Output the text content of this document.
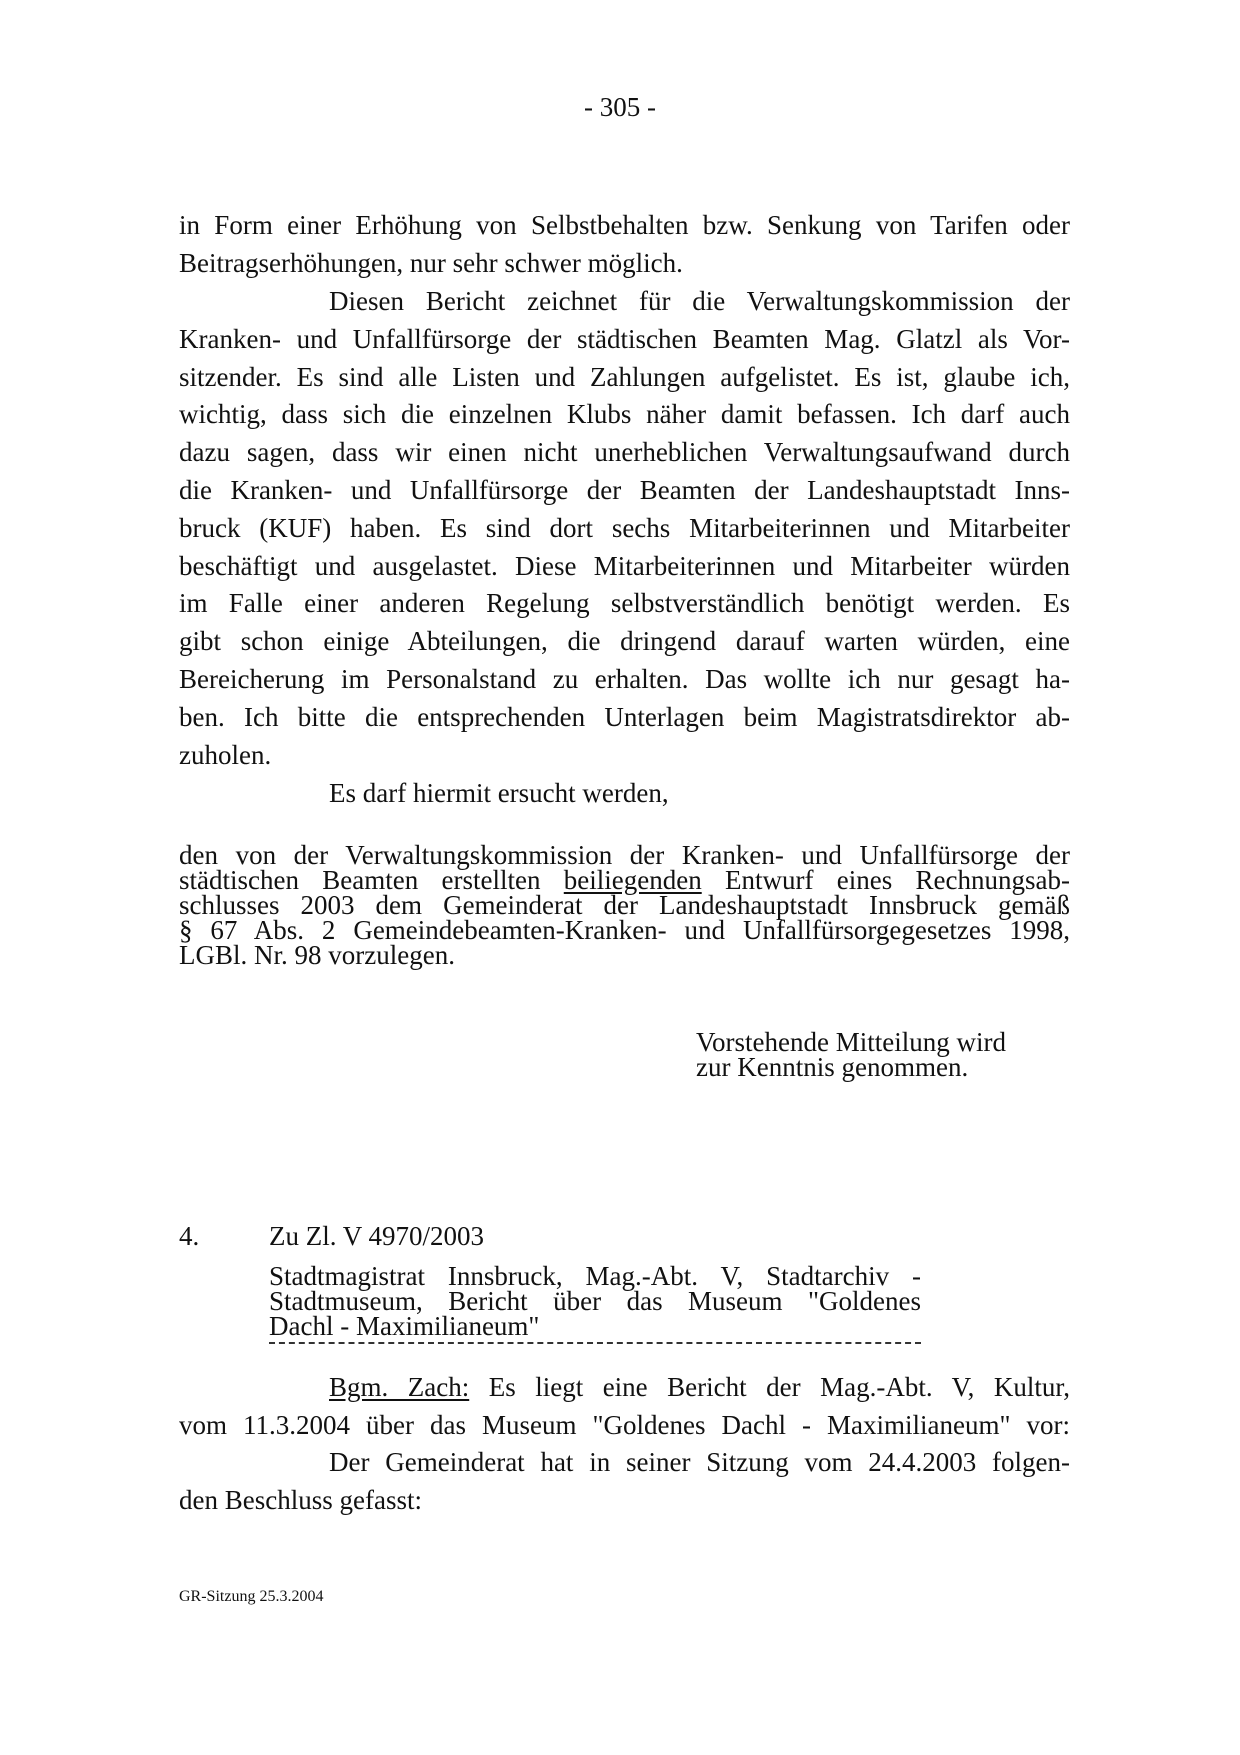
- 305 -
in Form einer Erhöhung von Selbstbehalten bzw. Senkung von Tarifen oder
Beitragserhöhungen, nur sehr schwer möglich.
Diesen Bericht zeichnet für die Verwaltungskommission der
Kranken- und Unfallfürsorge der städtischen Beamten Mag. Glatzl als Vor-
sitzender. Es sind alle Listen und Zahlungen aufgelistet. Es ist, glaube ich,
wichtig, dass sich die einzelnen Klubs näher damit befassen. Ich darf auch
dazu sagen, dass wir einen nicht unerheblichen Verwaltungsaufwand durch
die Kranken- und Unfallfürsorge der Beamten der Landeshauptstadt Inns-
bruck (KUF) haben. Es sind dort sechs Mitarbeiterinnen und Mitarbeiter
beschäftigt und ausgelastet. Diese Mitarbeiterinnen und Mitarbeiter würden
im Falle einer anderen Regelung selbstverständlich benötigt werden. Es
gibt schon einige Abteilungen, die dringend darauf warten würden, eine
Bereicherung im Personalstand zu erhalten. Das wollte ich nur gesagt ha-
ben. Ich bitte die entsprechenden Unterlagen beim Magistratsdirektor ab-
zuholen.
Es darf hiermit ersucht werden,
den von der Verwaltungskommission der Kranken- und Unfallfürsorge der
städtischen Beamten erstellten beiliegenden Entwurf eines Rechnungsab-
schlusses 2003 dem Gemeinderat der Landeshauptstadt Innsbruck gemäß
§ 67 Abs. 2 Gemeindebeamten-Kranken- und Unfallfürsorgegesetzes 1998,
LGBl. Nr. 98 vorzulegen.
Vorstehende Mitteilung wird
zur Kenntnis genommen.
4.	Zu Zl. V 4970/2003
Stadtmagistrat Innsbruck, Mag.-Abt. V, Stadtarchiv -
Stadtmuseum, Bericht über das Museum "Goldenes
Dachl - Maximilianeum"
Bgm. Zach: Es liegt eine Bericht der Mag.-Abt. V, Kultur,
vom 11.3.2004 über das Museum "Goldenes Dachl - Maximilianeum" vor:
Der Gemeinderat hat in seiner Sitzung vom 24.4.2003 folgen-
den Beschluss gefasst:
GR-Sitzung 25.3.2004
